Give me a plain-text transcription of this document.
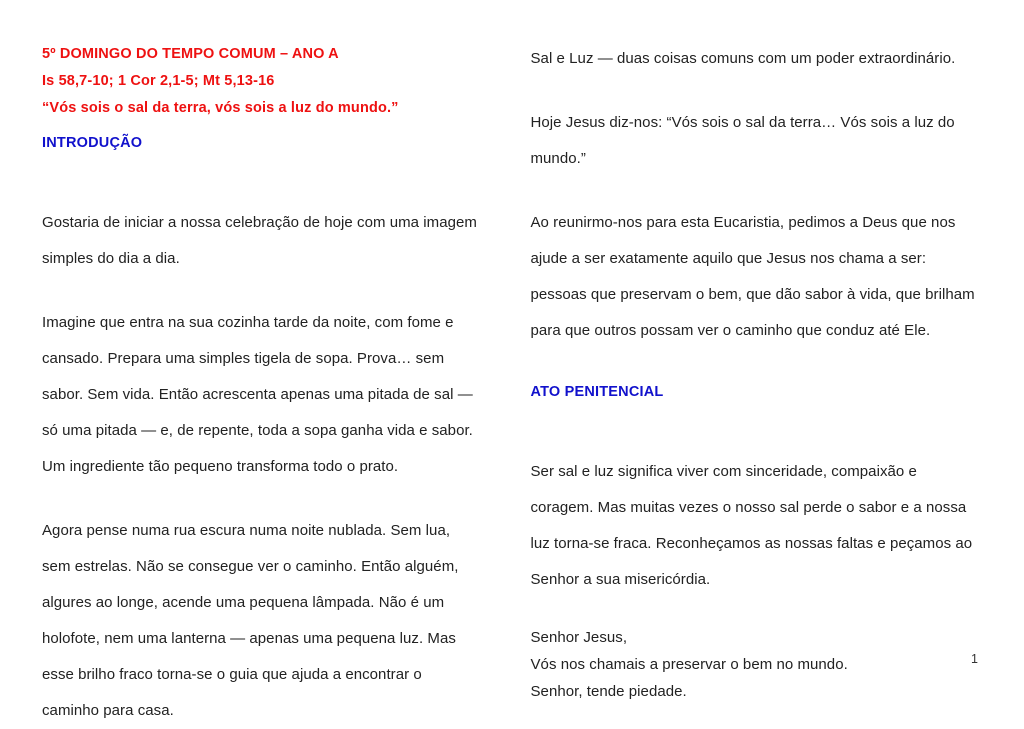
5º DOMINGO DO TEMPO COMUM – ANO A
Is 58,7-10; 1 Cor 2,1-5; Mt 5,13-16
“Vós sois o sal da terra, vós sois a luz do mundo.”
INTRODUÇÃO

Gostaria de iniciar a nossa celebração de hoje com uma imagem simples do dia a dia.

Imagine que entra na sua cozinha tarde da noite, com fome e cansado. Prepara uma simples tigela de sopa. Prova… sem sabor. Sem vida. Então acrescenta apenas uma pitada de sal — só uma pitada — e, de repente, toda a sopa ganha vida e sabor. Um ingrediente tão pequeno transforma todo o prato.

Agora pense numa rua escura numa noite nublada. Sem lua, sem estrelas. Não se consegue ver o caminho. Então alguém, algures ao longe, acende uma pequena lâmpada. Não é um holofote, nem uma lanterna — apenas uma pequena luz. Mas esse brilho fraco torna-se o guia que ajuda a encontrar o caminho para casa.

Sal e Luz — duas coisas comuns com um poder extraordinário.

Hoje Jesus diz-nos: “Vós sois o sal da terra… Vós sois a luz do mundo.”

Ao reunirmo-nos para esta Eucaristia, pedimos a Deus que nos ajude a ser exatamente aquilo que Jesus nos chama a ser: pessoas que preservam o bem, que dão sabor à vida, que brilham para que outros possam ver o caminho que conduz até Ele.

ATO PENITENCIAL

Ser sal e luz significa viver com sinceridade, compaixão e coragem. Mas muitas vezes o nosso sal perde o sabor e a nossa luz torna-se fraca. Reconheçamos as nossas faltas e peçamos ao Senhor a sua misericórdia.

Senhor Jesus,
Vós nos chamais a preservar o bem no mundo.
Senhor, tende piedade.
1
